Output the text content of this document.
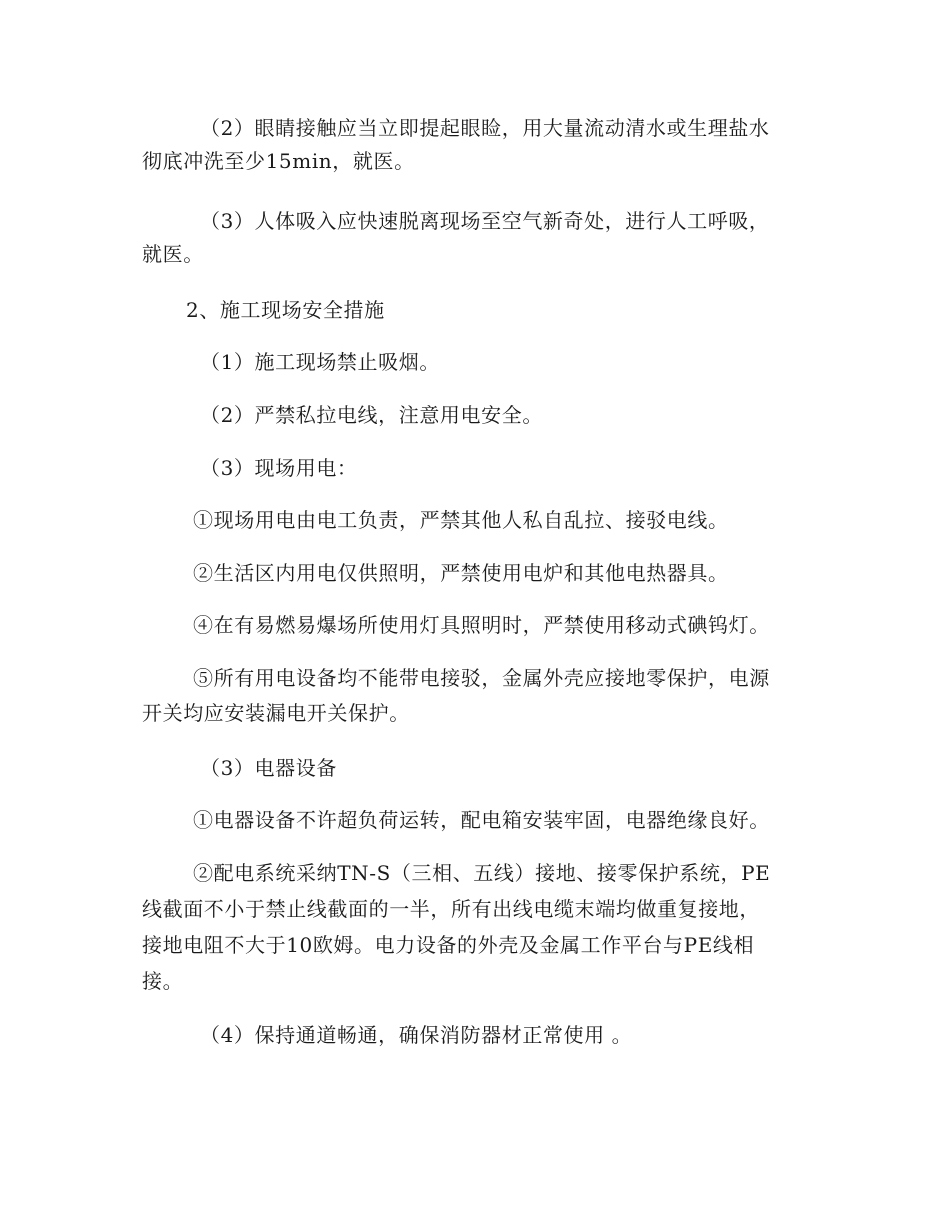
（2）眼睛接触应当立即提起眼睑，用大量流动清水或生理盐水
彻底冲洗至少15min，就医。
（3）人体吸入应快速脱离现场至空气新奇处，进行人工呼吸，
就医。
2、施工现场安全措施
（1）施工现场禁止吸烟。
（2）严禁私拉电线，注意用电安全。
（3）现场用电：
①现场用电由电工负责，严禁其他人私自乱拉、接驳电线。
②生活区内用电仅供照明，严禁使用电炉和其他电热器具。
④在有易燃易爆场所使用灯具照明时，严禁使用移动式碘钨灯。
⑤所有用电设备均不能带电接驳，金属外壳应接地零保护，电源
开关均应安装漏电开关保护。
（3）电器设备
①电器设备不许超负荷运转，配电箱安装牢固，电器绝缘良好。
②配电系统采纳TN-S（三相、五线）接地、接零保护系统，PE
线截面不小于禁止线截面的一半，所有出线电缆末端均做重复接地，
接地电阻不大于10欧姆。电力设备的外壳及金属工作平台与PE线相
接。
（4）保持通道畅通，确保消防器材正常使用 。
